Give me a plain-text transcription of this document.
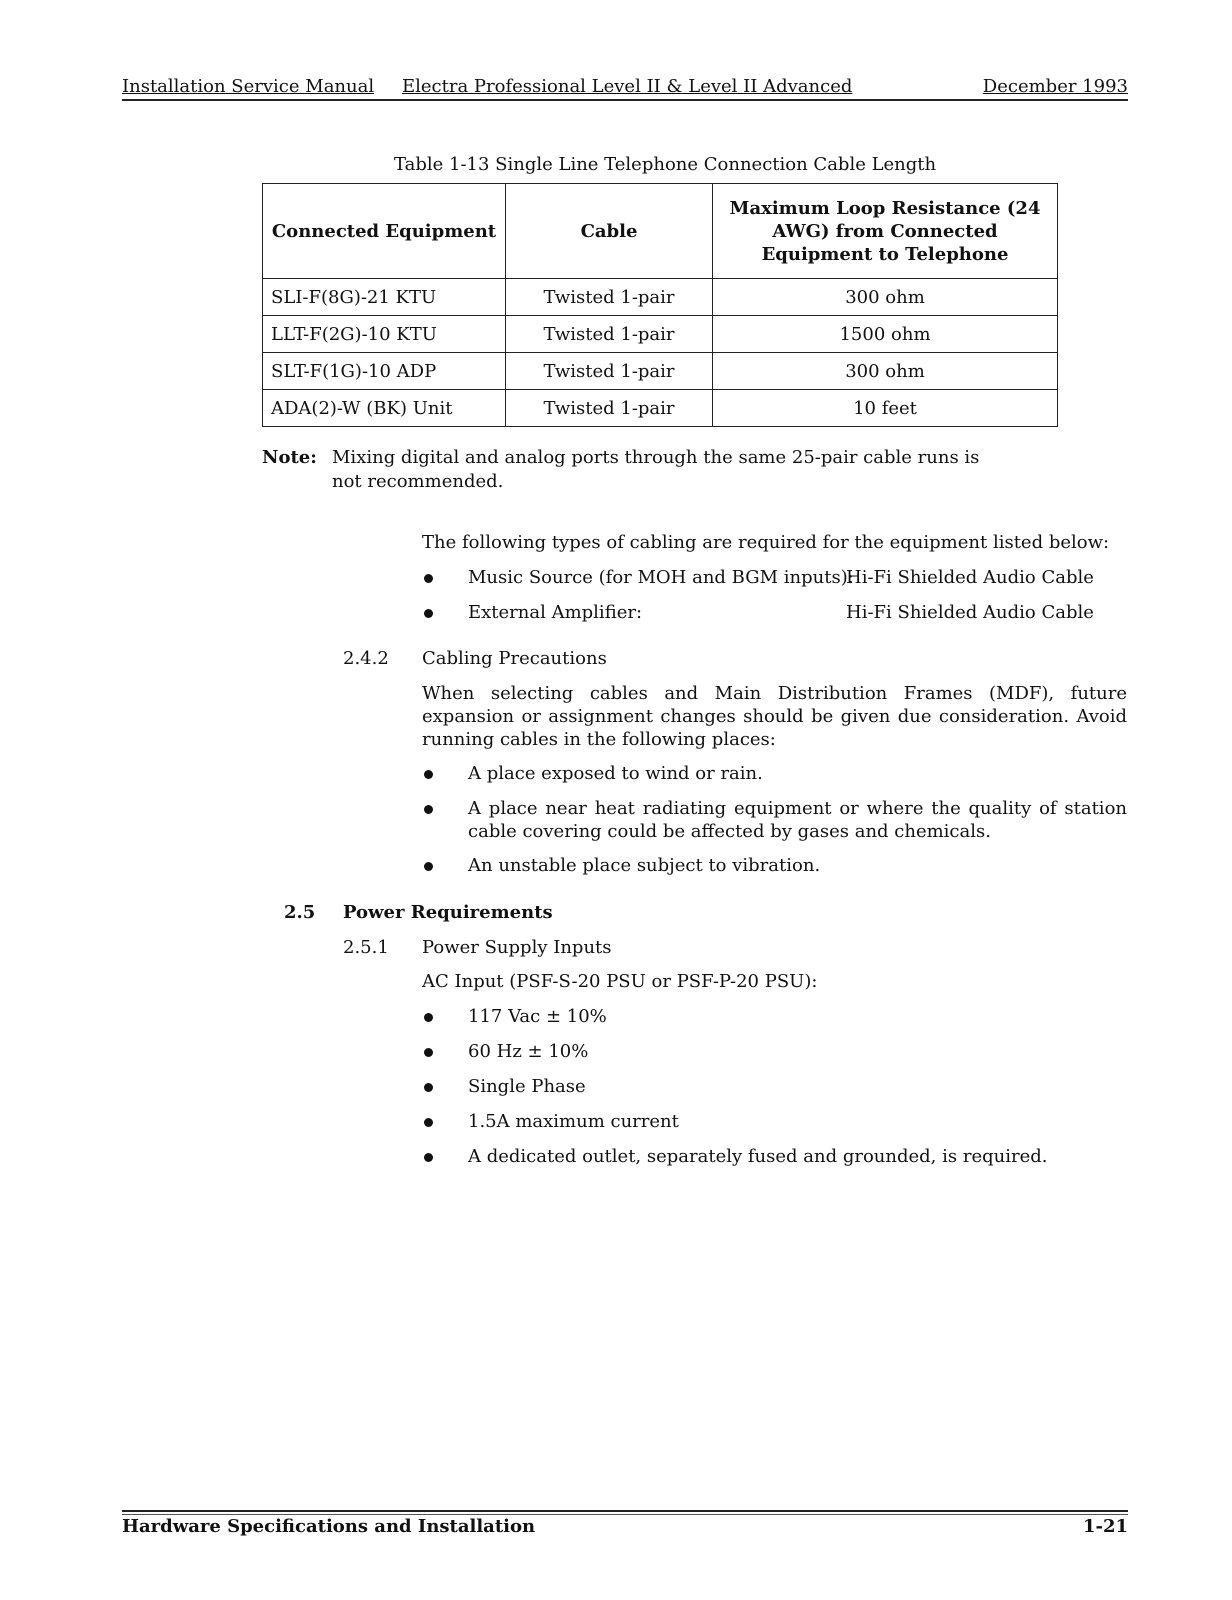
Installation Service Manual Electra Professional Level II & Level II Advanced	December 1993
Table 1-13 Single Line Telephone Connection Cable Length
Connected Equipment	Cable	Maximum Loop Resistance (24 AWG) from Connected Equipment to Telephone
SLI-F(8G)-21 KTU	Twisted 1-pair	300 ohm
LLT-F(2G)-10 KTU	Twisted 1-pair	1500 ohm
SLT-F(1G)-10 ADP	Twisted 1-pair	300 ohm
ADA(2)-W (BK) Unit	Twisted 1-pair	10 feet
Note: Mixing digital and analog ports through the same 25-pair cable runs is not recommended.
The following types of cabling are required for the equipment listed below:
Music Source (for MOH and BGM inputs):
Hi-Fi Shielded Audio Cable
External Amplifier:	Hi-Fi Shielded Audio Cable
2.4.2 Cabling Precautions
When selecting cables and Main Distribution Frames (MDF), future expansion or assignment changes should be given due consideration. Avoid running cables in the following places:
A place exposed to wind or rain.
A place near heat radiating equipment or where the quality of station cable covering could be affected by gases and chemicals.
An unstable place subject to vibration.
2.5 Power Requirements
2.5.1 Power Supply Inputs
AC Input (PSF-S-20 PSU or PSF-P-20 PSU):
117 Vac ± 10%
60 Hz ± 10%
Single Phase
1.5A maximum current
A dedicated outlet, separately fused and grounded, is required.
Hardware Specifications and Installation	1-21
